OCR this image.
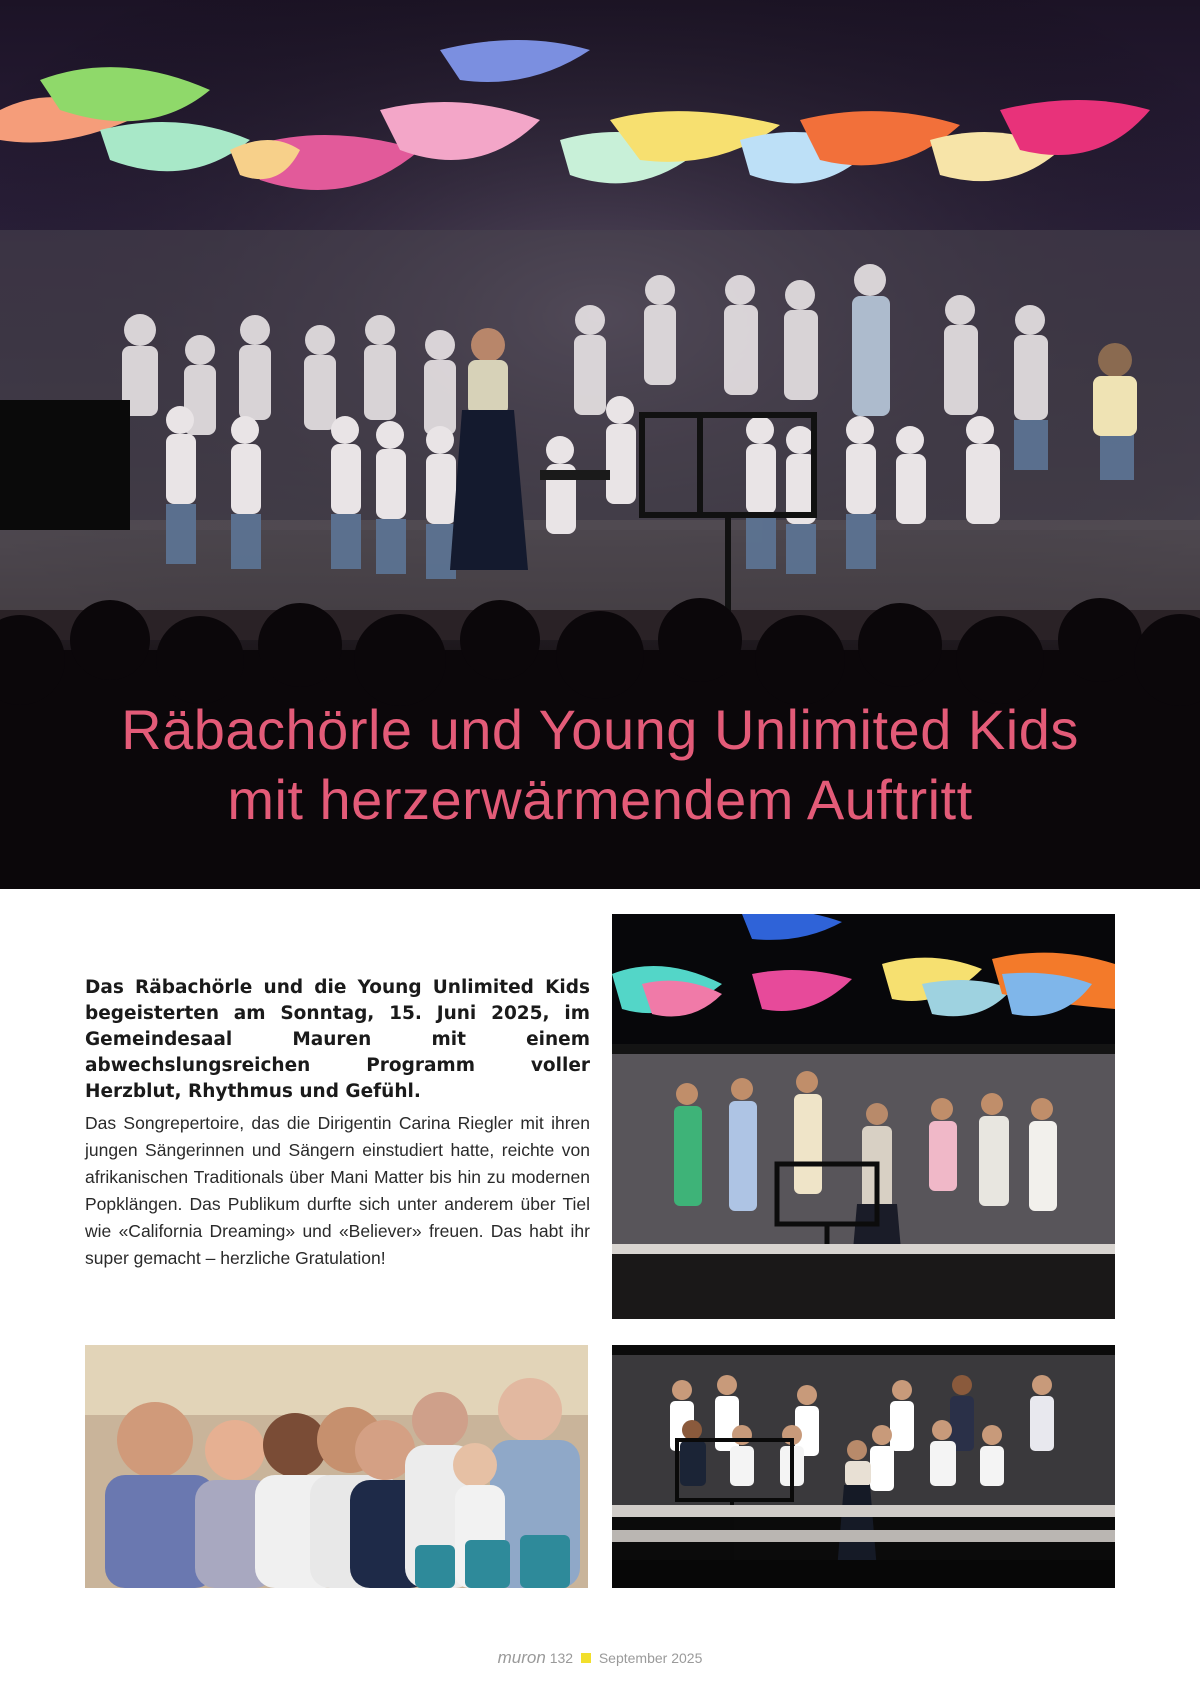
Räbachörle und Young Unlimited Kids
mit herzerwärmendem Auftritt

Das Räbachörle und die Young Unlimited Kids begeisterten am Sonntag, 15. Juni 2025, im Gemeindesaal Mauren mit einem abwechslungsreichen Programm voller Herzblut, Rhythmus und Gefühl.

Das Songrepertoire, das die Dirigentin Carina Riegler mit ihren jungen Sängerinnen und Sängern einstudiert hatte, reichte von afrikanischen Traditionals über Mani Matter bis hin zu modernen Popklängen. Das Publikum durfte sich unter anderem über Tiel wie «California Dreaming» und «Believer» freuen. Das habt ihr super gemacht – herzliche Gratulation!

muron 132 September 2025
